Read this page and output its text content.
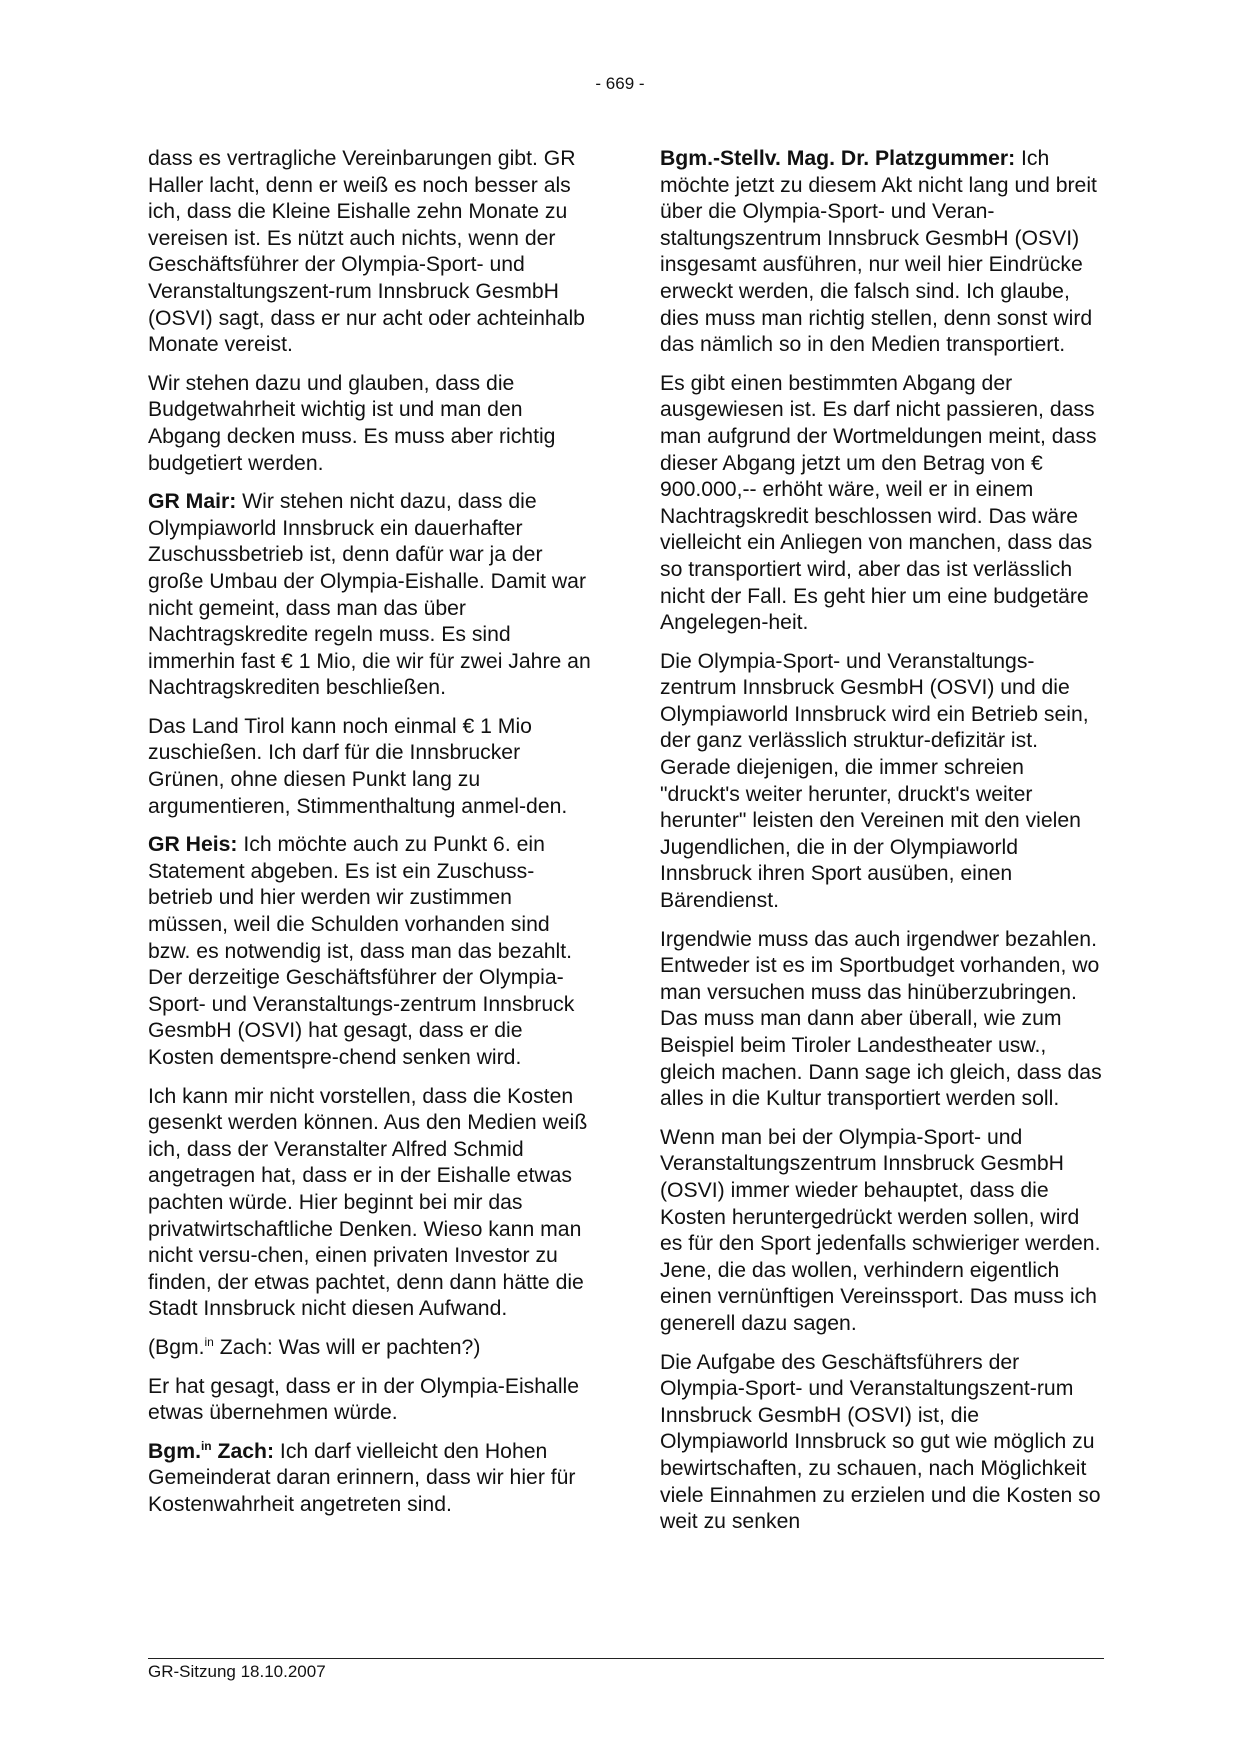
- 669 -

dass es vertragliche Vereinbarungen gibt. GR Haller lacht, denn er weiß es noch besser als ich, dass die Kleine Eishalle zehn Monate zu vereisen ist. Es nützt auch nichts, wenn der Geschäftsführer der Olympia-Sport- und Veranstaltungszent-rum Innsbruck GesmbH (OSVI) sagt, dass er nur acht oder achteinhalb Monate vereist.

Wir stehen dazu und glauben, dass die Budgetwahrheit wichtig ist und man den Abgang decken muss. Es muss aber richtig budgetiert werden.

GR Mair: Wir stehen nicht dazu, dass die Olympiaworld Innsbruck ein dauerhafter Zuschussbetrieb ist, denn dafür war ja der große Umbau der Olympia-Eishalle. Damit war nicht gemeint, dass man das über Nachtragskredite regeln muss. Es sind immerhin fast € 1 Mio, die wir für zwei Jahre an Nachtragskrediten beschließen.

Das Land Tirol kann noch einmal € 1 Mio zuschießen. Ich darf für die Innsbrucker Grünen, ohne diesen Punkt lang zu argumentieren, Stimmenthaltung anmel-den.

GR Heis: Ich möchte auch zu Punkt 6. ein Statement abgeben. Es ist ein Zuschuss-betrieb und hier werden wir zustimmen müssen, weil die Schulden vorhanden sind bzw. es notwendig ist, dass man das bezahlt. Der derzeitige Geschäftsführer der Olympia-Sport- und Veranstaltungs-zentrum Innsbruck GesmbH (OSVI) hat gesagt, dass er die Kosten dementspre-chend senken wird.

Ich kann mir nicht vorstellen, dass die Kosten gesenkt werden können. Aus den Medien weiß ich, dass der Veranstalter Alfred Schmid angetragen hat, dass er in der Eishalle etwas pachten würde. Hier beginnt bei mir das privatwirtschaftliche Denken. Wieso kann man nicht versu-chen, einen privaten Investor zu finden, der etwas pachtet, denn dann hätte die Stadt Innsbruck nicht diesen Aufwand.

(Bgm.$^{in}$ Zach: Was will er pachten?)

Er hat gesagt, dass er in der Olympia-Eishalle etwas übernehmen würde.

Bgm.$^{in}$ Zach: Ich darf vielleicht den Hohen Gemeinderat daran erinnern, dass wir hier für Kostenwahrheit angetreten sind.

Bgm.-Stellv. Mag. Dr. Platzgummer: Ich möchte jetzt zu diesem Akt nicht lang und breit über die Olympia-Sport- und Veran-staltungszentrum Innsbruck GesmbH (OSVI) insgesamt ausführen, nur weil hier Eindrücke erweckt werden, die falsch sind. Ich glaube, dies muss man richtig stellen, denn sonst wird das nämlich so in den Medien transportiert.

Es gibt einen bestimmten Abgang der ausgewiesen ist. Es darf nicht passieren, dass man aufgrund der Wortmeldungen meint, dass dieser Abgang jetzt um den Betrag von € 900.000,-- erhöht wäre, weil er in einem Nachtragskredit beschlossen wird. Das wäre vielleicht ein Anliegen von manchen, dass das so transportiert wird, aber das ist verlässlich nicht der Fall. Es geht hier um eine budgetäre Angelegen-heit.

Die Olympia-Sport- und Veranstaltungs-zentrum Innsbruck GesmbH (OSVI) und die Olympiaworld Innsbruck wird ein Betrieb sein, der ganz verlässlich struktur-defizitär ist. Gerade diejenigen, die immer schreien "druckt's weiter herunter, druckt's weiter herunter" leisten den Vereinen mit den vielen Jugendlichen, die in der Olympiaworld Innsbruck ihren Sport ausüben, einen Bärendienst.

Irgendwie muss das auch irgendwer bezahlen. Entweder ist es im Sportbudget vorhanden, wo man versuchen muss das hinüberzubringen. Das muss man dann aber überall, wie zum Beispiel beim Tiroler Landestheater usw., gleich machen. Dann sage ich gleich, dass das alles in die Kultur transportiert werden soll.

Wenn man bei der Olympia-Sport- und Veranstaltungszentrum Innsbruck GesmbH (OSVI) immer wieder behauptet, dass die Kosten heruntergedrückt werden sollen, wird es für den Sport jedenfalls schwieriger werden. Jene, die das wollen, verhindern eigentlich einen vernünftigen Vereinssport. Das muss ich generell dazu sagen.

Die Aufgabe des Geschäftsführers der Olympia-Sport- und Veranstaltungszent-rum Innsbruck GesmbH (OSVI) ist, die Olympiaworld Innsbruck so gut wie möglich zu bewirtschaften, zu schauen, nach Möglichkeit viele Einnahmen zu erzielen und die Kosten so weit zu senken

GR-Sitzung 18.10.2007
